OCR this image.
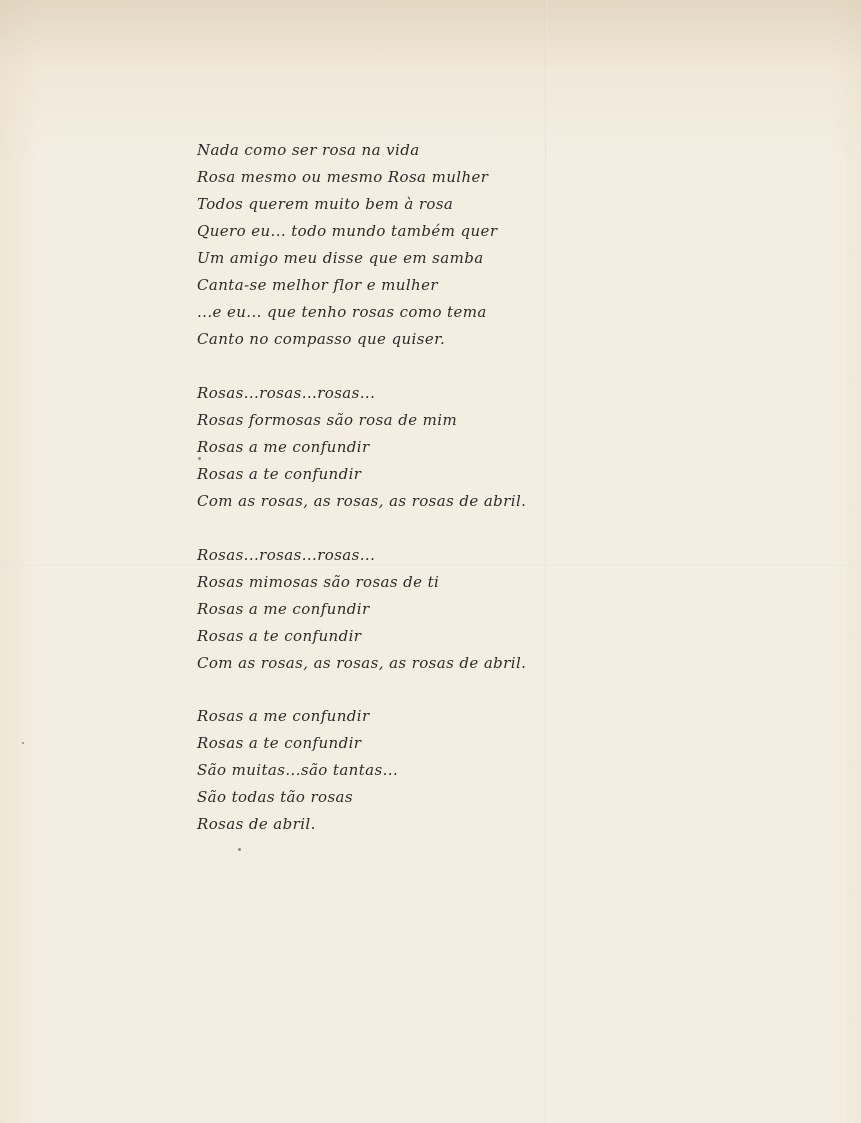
Nada como ser rosa na vida
Rosa mesmo ou mesmo Rosa mulher
Todos querem muito bem à rosa
Quero eu... todo mundo também quer
Um amigo meu disse que em samba
Canta-se melhor flor e mulher
...e eu... que tenho rosas como tema
Canto no compasso que quiser.
Rosas...rosas...rosas...
Rosas formosas são rosa de mim
Rosas a me confundir
Rosas a te confundir
Com as rosas, as rosas, as rosas de abril.
Rosas...rosas...rosas...
Rosas mimosas são rosas de ti
Rosas a me confundir
Rosas a te confundir
Com as rosas, as rosas, as rosas de abril.
Rosas a me confundir
Rosas a te confundir
São muitas...são tantas...
São todas tão rosas
Rosas de abril.
